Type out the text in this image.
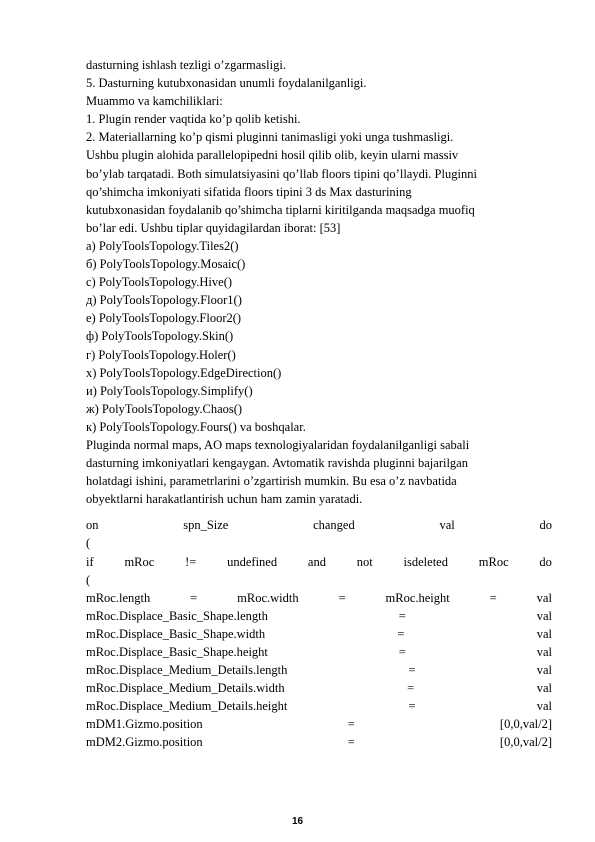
dasturning ishlash tezligi o’zgarmasligi.
5. Dasturning kutubxonasidan unumli foydalanilganligi.
Muammo va kamchiliklari:
1. Plugin render vaqtida ko’p qolib ketishi.
2. Materiallarning ko’p qismi pluginni tanimasligi yoki unga tushmasligi.
Ushbu plugin alohida parallelopipedni hosil qilib olib, keyin ularni massiv
bo’ylab tarqatadi. Both simulatsiyasini qo’llab floors tipini qo’llaydi. Pluginni
qo’shimcha imkoniyati sifatida floors tipini 3 ds Max dasturining
kutubxonasidan foydalanib qo’shimcha tiplarni kiritilganda maqsadga muofiq
bo’lar edi. Ushbu tiplar quyidagilardan iborat: [53]
а) PolyToolsTopology.Tiles2()
б) PolyToolsTopology.Mosaic()
с) PolyToolsTopology.Hive()
д) PolyToolsTopology.Floor1()
е) PolyToolsTopology.Floor2()
ф) PolyToolsTopology.Skin()
г) PolyToolsTopology.Holer()
х) PolyToolsTopology.EdgeDirection()
и) PolyToolsTopology.Simplify()
ж) PolyToolsTopology.Chaos()
к) PolyToolsTopology.Fours() va boshqalar.
Pluginda normal maps, AO maps texnologiyalaridan foydalanilganligi sabali
dasturning imkoniyatlari kengaygan. Avtomatik ravishda pluginni bajarilgan
holatdagi ishini, parametrlarini o’zgartirish mumkin. Bu esa o’z navbatida
obyektlarni harakatlantirish uchun ham zamin yaratadi.
on	spn_Size	changed	val	do
(
if mRoc != undefined and not isdeleted mRoc do
(
mRoc.length	=	mRoc.width	=	mRoc.height	=	val
mRoc.Displace_Basic_Shape.length	=	val
mRoc.Displace_Basic_Shape.width	=	val
mRoc.Displace_Basic_Shape.height	=	val
mRoc.Displace_Medium_Details.length	=	val
mRoc.Displace_Medium_Details.width	=	val
mRoc.Displace_Medium_Details.height	=	val
mDM1.Gizmo.position	=	[0,0,val/2]
mDM2.Gizmo.position	=	[0,0,val/2]
16
